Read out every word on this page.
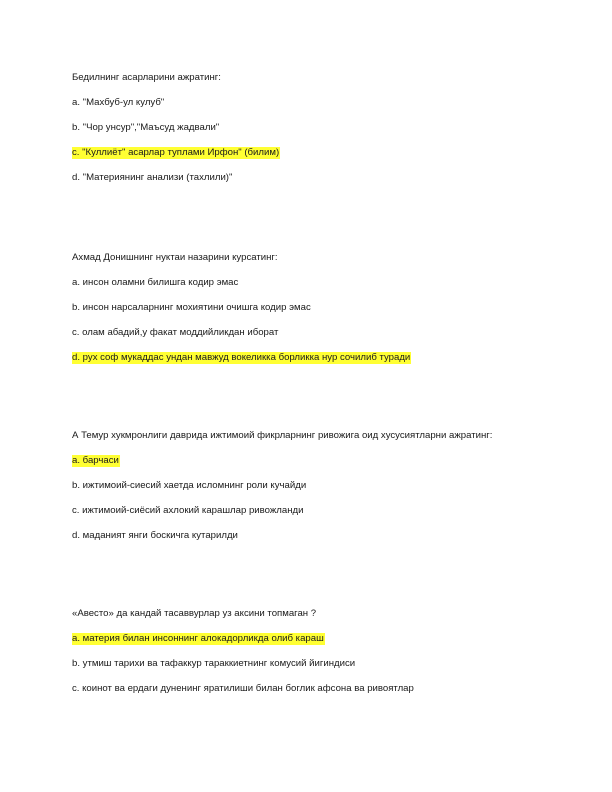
Бедилнинг асарларини ажратинг:

a. "Махбуб-ул кулуб"

b. "Чор унсур","Маъсуд жадвали"

c. "Куллиёт" асарлар туплами Ирфон" (билим)

d. "Материянинг анализи (тахлили)"

Ахмад Донишнинг нуктаи назарини курсатинг:

a. инсон оламни билишга кодир эмас

b. инсон нарсаларнинг мохиятини очишга кодир эмас

c. олам абадий,у факат моддийликдан иборат

d. рух соф мукаддас ундан мавжуд вокеликка борликка нур сочилиб туради

А Темур хукмронлиги даврида ижтимоий фикрларнинг ривожига оид хусусиятларни ажратинг:

a. барчаси

b. ижтимоий-сиесий хаетда исломнинг роли кучайди

c. ижтимоий-сиёсий ахлокий карашлар ривожланди

d. маданият янги боскичга кутарилди

«Авесто» да кандай тасаввурлар уз аксини топмаган ?

a. материя билан инсоннинг алокадорликда олиб караш

b. утмиш тарихи ва тафаккур тараккиетнинг комусий йигиндиси

c. коинот ва ердаги дуненинг яратилиши билан боглик афсона ва ривоятлар
